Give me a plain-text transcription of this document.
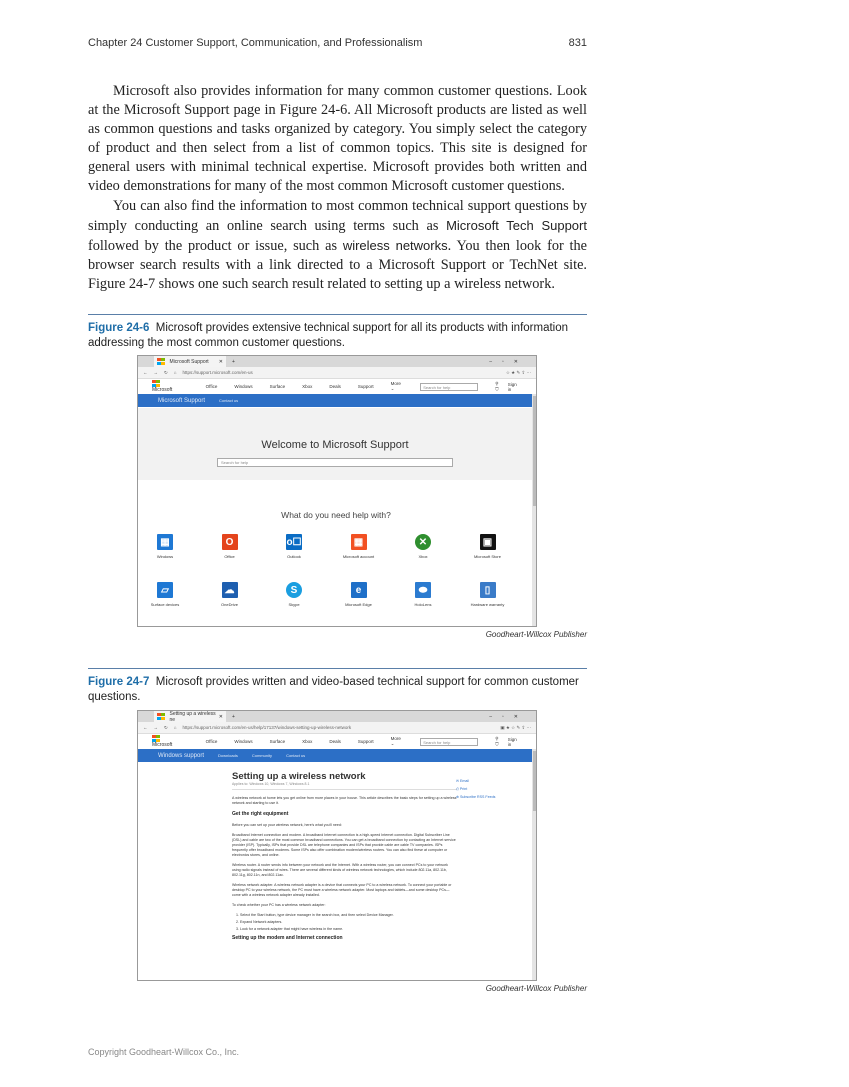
Chapter 24 Customer Support, Communication, and Professionalism	831

Microsoft also provides information for many common customer questions. Look at the Microsoft Support page in Figure 24-6. All Microsoft products are listed as well as common questions and tasks organized by category. You simply select the category of product and then select from a list of common topics. This site is designed for general users with minimal technical expertise. Microsoft provides both written and video demonstrations for many of the most common Microsoft customer questions.

You can also find the information to most common technical support questions by simply conducting an online search using terms such as Microsoft Tech Support followed by the product or issue, such as wireless networks. You then look for the browser search results with a link directed to a Microsoft Support or TechNet site. Figure 24-7 shows one such search result related to setting up a wireless network.

Figure 24-6 Microsoft provides extensive technical support for all its products with information addressing the most common customer questions.
Microsoft Support ✕ +	–▫✕
← → ↻ ⌂ https://support.microsoft.com/en-us	☆ ★ ✎ ⇪ ⋯
Microsoft
Office	Windows	Surface	Xbox	Deals	Support
More ⌄	Search for help
⚲ ⛉
Sign in
Microsoft Support	Contact us
Welcome to Microsoft Support
Search for help
What do you need help with?
▦
Windows
O
Office
o☐
Outlook
▦
Microsoft account
✕
Xbox
▣
Microsoft Store
▱
Surface devices
☁
OneDrive
S
Skype
e
Microsoft Edge
⬬
HoloLens
▯
Hardware warranty
Goodheart-Willcox Publisher
Figure 24-7 Microsoft provides written and video-based technical support for common customer questions.
Setting up a wireless ne	✕ +	–▫✕
← → ↻ ⌂ https://support.microsoft.com/en-us/help/17137/windows-setting-up-wireless-network	▣ ★ ☆ ✎ ⇪ ⋯
Microsoft
Office	Windows	Surface	Xbox	Deals	Support
More ⌄	Search for help
⚲ ⛉
Sign in
Windows support	Downloads	Community	Contact us
Setting up a wireless network
Applies to: Windows 10, Windows 7, Windows 8.1

A wireless network at home lets you get online from more places in your house. This article describes the basic steps for setting up a wireless network and starting to use it.

Get the right equipment

Before you can set up your wireless network, here's what you'll need:

Broadband Internet connection and modem. A broadband Internet connection is a high-speed Internet connection. Digital Subscriber Line (DSL) and cable are two of the most common broadband connections. You can get a broadband connection by contacting an Internet service provider (ISP). Typically, ISPs that provide DSL are telephone companies and ISPs that provide cable are cable TV companies. ISPs frequently offer broadband modems. Some ISPs also offer combination modem/wireless routers. You can also find these at computer or electronics stores, and online.

Wireless router. A router sends info between your network and the Internet. With a wireless router, you can connect PCs to your network using radio signals instead of wires. There are several different kinds of wireless network technologies, which include 802.11a, 802.11b, 802.11g, 802.11n, and 802.11ac.

Wireless network adapter. A wireless network adapter is a device that connects your PC to a wireless network. To connect your portable or desktop PC to your wireless network, the PC must have a wireless network adapter. Most laptops and tablets—and some desktop PCs—come with a wireless network adapter already installed.

To check whether your PC has a wireless network adapter:

1. Select the Start button, type device manager in the search box, and then select Device Manager.

2. Expand Network adapters.

3. Look for a network adapter that might have wireless in the name.

Setting up the modem and Internet connection
✉ Email
⎙ Print
⊕ Subscribe RSS Feeds
Goodheart-Willcox Publisher
Copyright Goodheart-Willcox Co., Inc.
